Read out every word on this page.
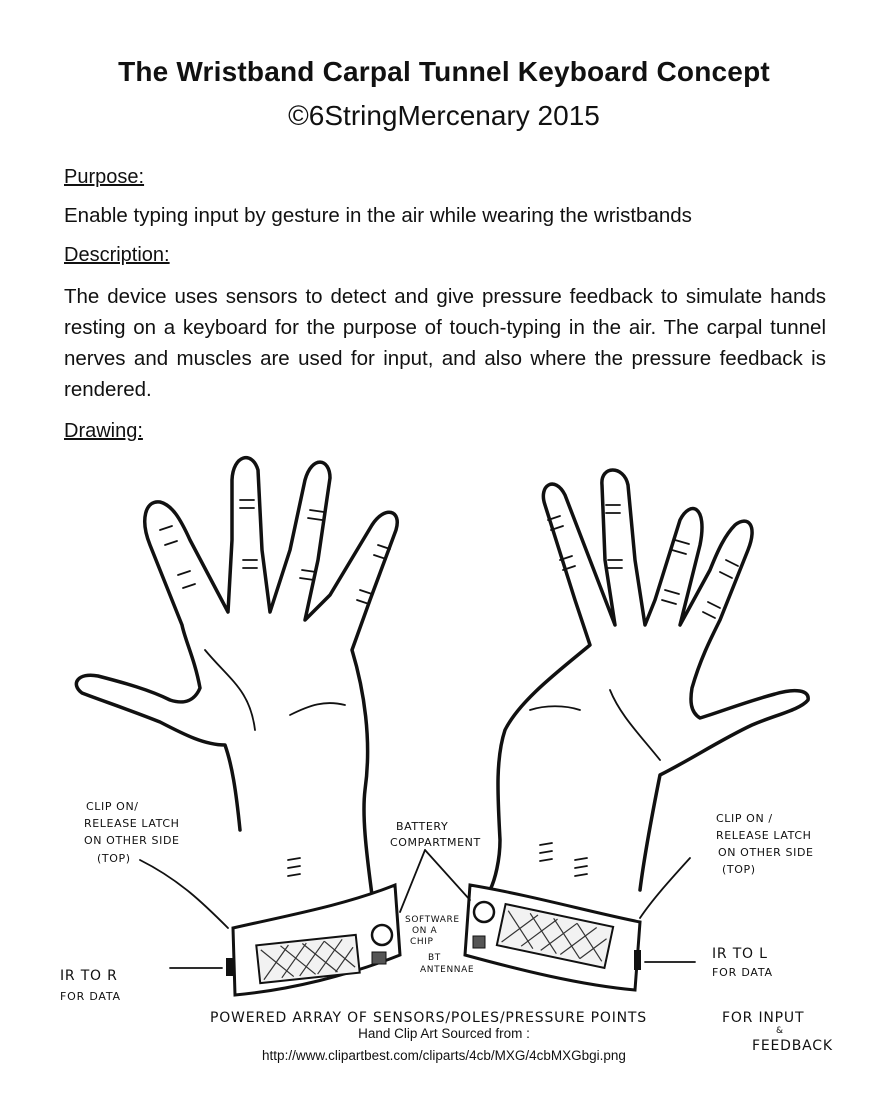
The Wristband Carpal Tunnel Keyboard Concept
©6StringMercenary 2015
Purpose:
Enable typing input by gesture in the air while wearing the wristbands
Description:
The device uses sensors to detect and give pressure feedback to simulate hands resting on a keyboard for the purpose of touch-typing in the air. The carpal tunnel nerves and muscles are used for input, and also where the pressure feedback is rendered.
Drawing:
CLIP ON/ RELEASE LATCH ON OTHER SIDE (TOP)
CLIP ON / RELEASE LATCH ON OTHER SIDE (TOP)
BATTERY COMPARTMENT
SOFTWARE ON A CHIP
BT ANTENNAE
IR TO R FOR DATA
IR TO L FOR DATA
POWERED ARRAY OF SENSORS/POLES/PRESSURE POINTS	FOR INPUT & FEEDBACK
Hand Clip Art Sourced from :
http://www.clipartbest.com/cliparts/4cb/MXG/4cbMXGbgi.png
